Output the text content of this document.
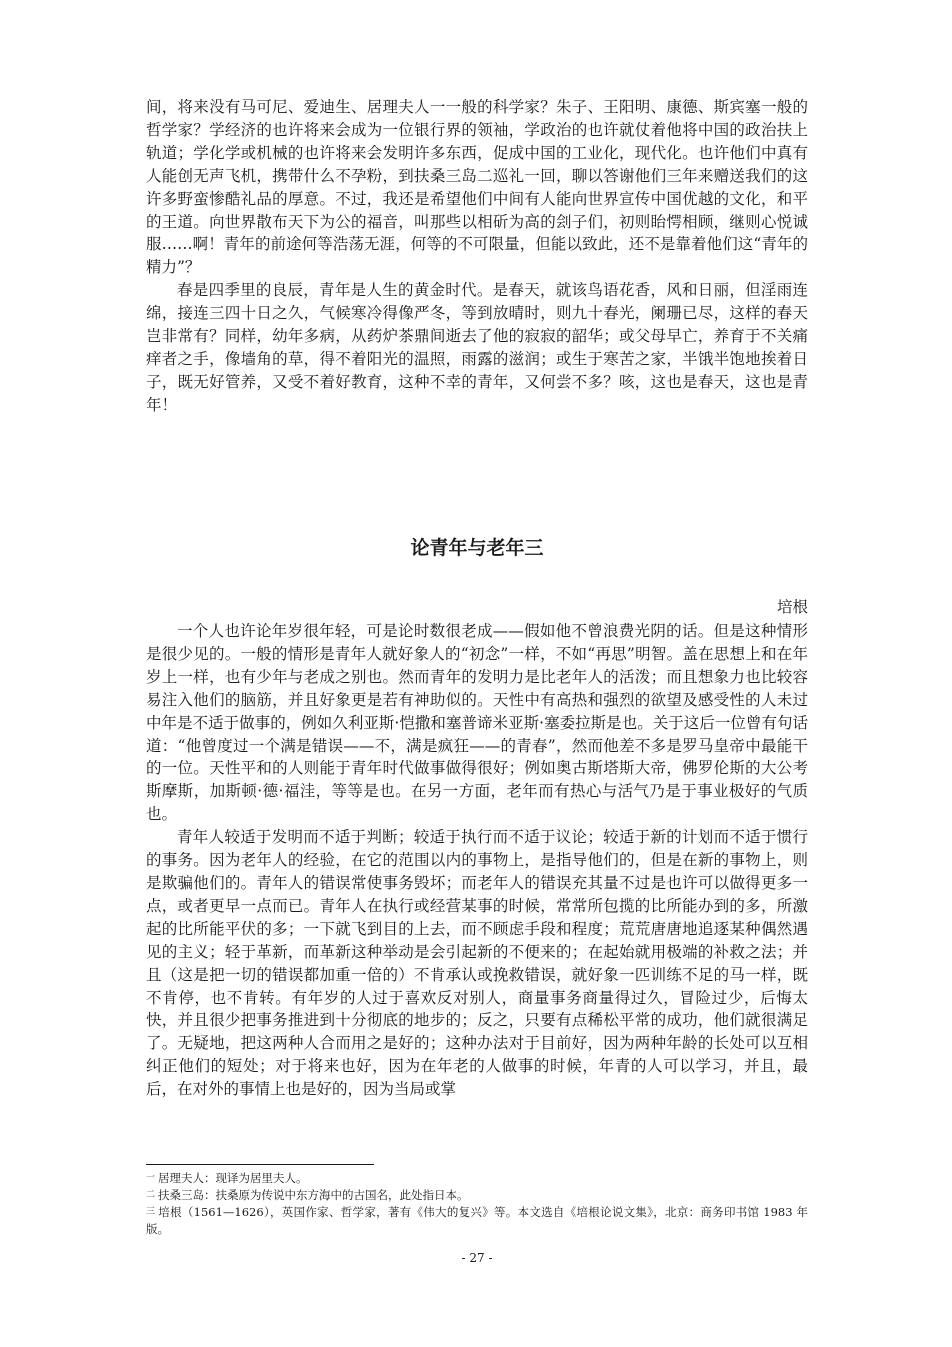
间，将来没有马可尼、爱迪生、居理夫人一一般的科学家？朱子、王阳明、康德、斯宾塞一般的哲学家？学经济的也许将来会成为一位银行界的领袖，学政治的也许就仗着他将中国的政治扶上轨道；学化学或机械的也许将来会发明许多东西，促成中国的工业化，现代化。也许他们中真有人能创无声飞机，携带什么不孕粉，到扶桑三岛二巡礼一回，聊以答谢他们三年来赠送我们的这许多野蛮惨酷礼品的厚意。不过，我还是希望他们中间有人能向世界宣传中国优越的文化，和平的王道。向世界散布天下为公的福音，叫那些以相斫为高的刽子们，初则眙愕相顾，继则心悦诚服……啊！青年的前途何等浩荡无涯，何等的不可限量，但能以致此，还不是靠着他们这“青年的精力”？

春是四季里的良辰，青年是人生的黄金时代。是春天，就该鸟语花香，风和日丽，但淫雨连绵，接连三四十日之久，气候寒冷得像严冬，等到放晴时，则九十春光，阑珊已尽，这样的春天岂非常有？同样，幼年多病，从药炉茶鼎间逝去了他的寂寂的韶华；或父母早亡，养育于不关痛痒者之手，像墙角的草，得不着阳光的温照，雨露的滋润；或生于寒苦之家，半饿半饱地挨着日子，既无好管养，又受不着好教育，这种不幸的青年，又何尝不多？咳，这也是春天，这也是青年！

论青年与老年三

培根

一个人也许论年岁很年轻，可是论时数很老成——假如他不曾浪费光阴的话。但是这种情形是很少见的。一般的情形是青年人就好象人的“初念”一样，不如“再思”明智。盖在思想上和在年岁上一样，也有少年与老成之别也。然而青年的发明力是比老年人的活泼；而且想象力也比较容易注入他们的脑筋，并且好象更是若有神助似的。天性中有高热和强烈的欲望及感受性的人未过中年是不适于做事的，例如久利亚斯·恺撒和塞普谛米亚斯·塞委拉斯是也。关于这后一位曾有句话道：“他曾度过一个满是错误——不，满是疯狂——的青春”，然而他差不多是罗马皇帝中最能干的一位。天性平和的人则能于青年时代做事做得很好；例如奥古斯塔斯大帝，佛罗伦斯的大公考斯摩斯，加斯顿·德·福洼，等等是也。在另一方面，老年而有热心与活气乃是于事业极好的气质也。

青年人较适于发明而不适于判断；较适于执行而不适于议论；较适于新的计划而不适于惯行的事务。因为老年人的经验，在它的范围以内的事物上，是指导他们的，但是在新的事物上，则是欺骗他们的。青年人的错误常使事务毁坏；而老年人的错误充其量不过是也许可以做得更多一点，或者更早一点而已。青年人在执行或经营某事的时候，常常所包揽的比所能办到的多，所激起的比所能平伏的多；一下就飞到目的上去，而不顾虑手段和程度；荒荒唐唐地追逐某种偶然遇见的主义；轻于革新，而革新这种举动是会引起新的不便来的；在起始就用极端的补救之法；并且（这是把一切的错误都加重一倍的）不肯承认或挽救错误，就好象一匹训练不足的马一样，既不肯停，也不肯转。有年岁的人过于喜欢反对别人，商量事务商量得过久，冒险过少，后悔太快，并且很少把事务推进到十分彻底的地步的；反之，只要有点稀松平常的成功，他们就很满足了。无疑地，把这两种人合而用之是好的；这种办法对于目前好，因为两种年龄的长处可以互相纠正他们的短处；对于将来也好，因为在年老的人做事的时候，年青的人可以学习，并且，最后，在对外的事情上也是好的，因为当局或掌

$^一$ 居理夫人：现译为居里夫人。

$^二$ 扶桑三岛：扶桑原为传说中东方海中的古国名，此处指日本。

$^三$ 培根（1561—1626），英国作家、哲学家，著有《伟大的复兴》等。本文选自《培根论说文集》，北京：商务印书馆 1983 年版。

- 27 -
